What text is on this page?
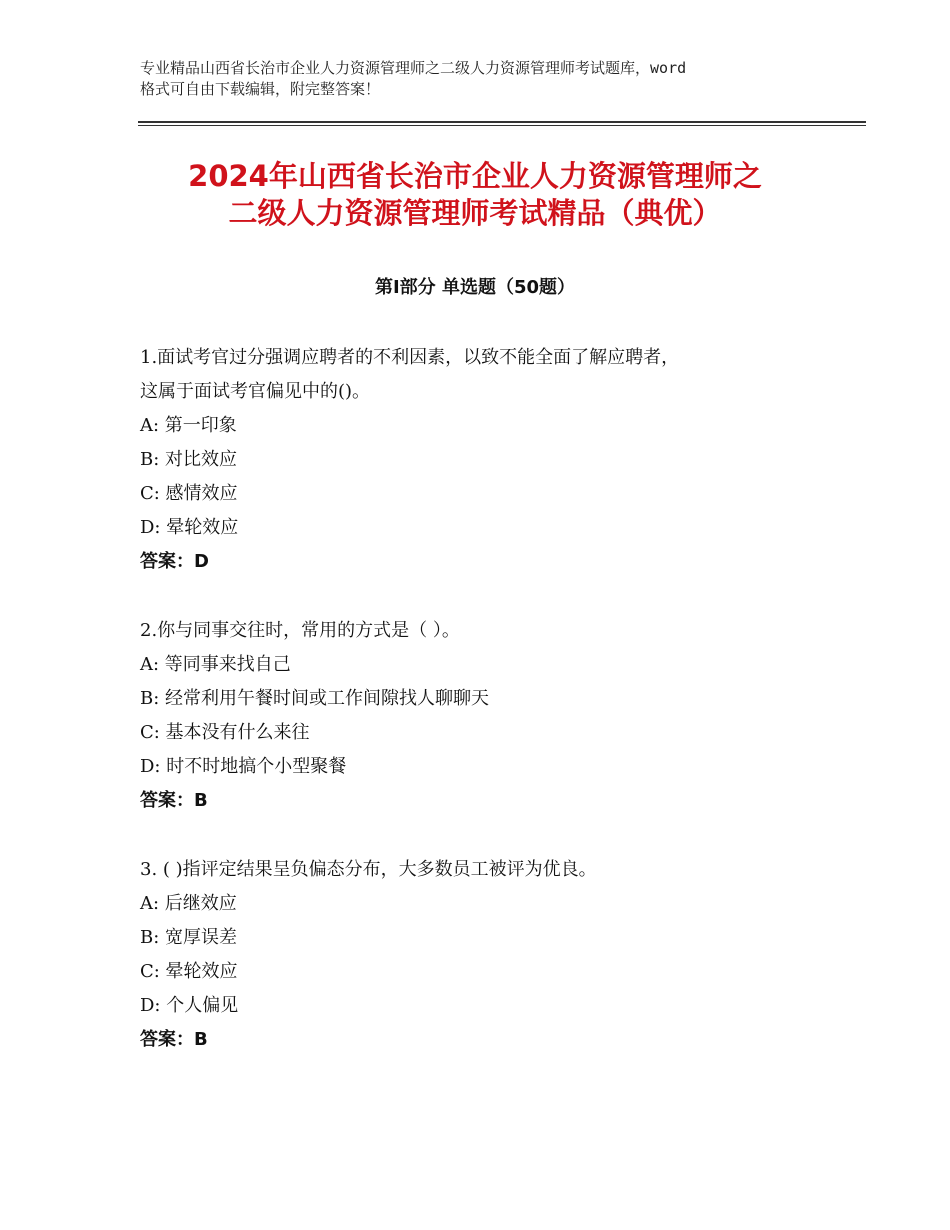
专业精品山西省长治市企业人力资源管理师之二级人力资源管理师考试题库，word
格式可自由下载编辑，附完整答案！
2024年山西省长治市企业人力资源管理师之
二级人力资源管理师考试精品（典优）
第Ⅰ部分 单选题（50题）
1.面试考官过分强调应聘者的不利因素，以致不能全面了解应聘者，
这属于面试考官偏见中的()。
A: 第一印象
B: 对比效应
C: 感情效应
D: 晕轮效应
答案：D
2.你与同事交往时，常用的方式是（ ）。
A: 等同事来找自己
B: 经常利用午餐时间或工作间隙找人聊聊天
C: 基本没有什么来往
D: 时不时地搞个小型聚餐
答案：B
3. ( )指评定结果呈负偏态分布，大多数员工被评为优良。
A: 后继效应
B: 宽厚误差
C: 晕轮效应
D: 个人偏见
答案：B
